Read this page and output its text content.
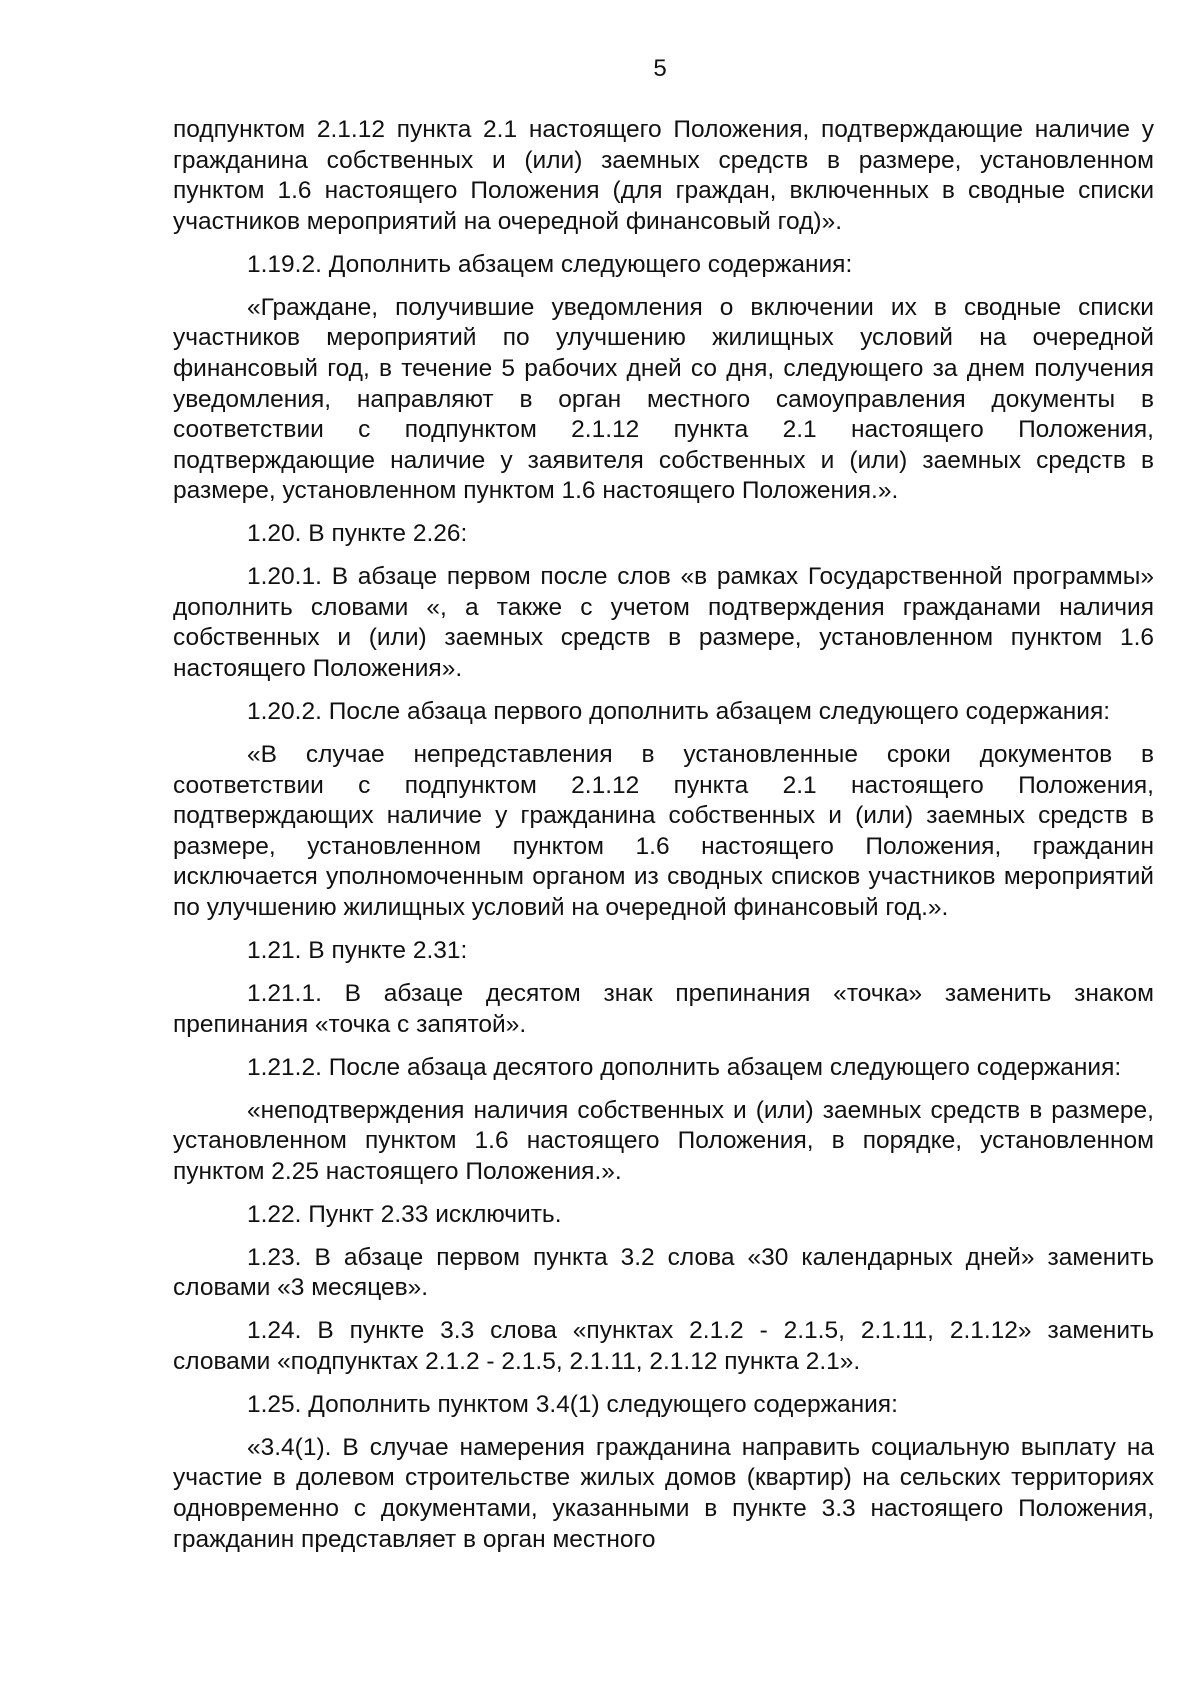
5

подпунктом 2.1.12 пункта 2.1 настоящего Положения, подтверждающие наличие у гражданина собственных и (или) заемных средств в размере, установленном пунктом 1.6 настоящего Положения (для граждан, включенных в сводные списки участников мероприятий на очередной финансовый год)».

1.19.2. Дополнить абзацем следующего содержания:

«Граждане, получившие уведомления о включении их в сводные списки участников мероприятий по улучшению жилищных условий на очередной финансовый год, в течение 5 рабочих дней со дня, следующего за днем получения уведомления, направляют в орган местного самоуправления документы в соответствии с подпунктом 2.1.12 пункта 2.1 настоящего Положения, подтверждающие наличие у заявителя собственных и (или) заемных средств в размере, установленном пунктом 1.6 настоящего Положения.».

1.20. В пункте 2.26:

1.20.1. В абзаце первом после слов «в рамках Государственной программы» дополнить словами «, а также с учетом подтверждения гражданами наличия собственных и (или) заемных средств в размере, установленном пунктом 1.6 настоящего Положения».

1.20.2. После абзаца первого дополнить абзацем следующего содержания:

«В случае непредставления в установленные сроки документов в соответствии с подпунктом 2.1.12 пункта 2.1 настоящего Положения, подтверждающих наличие у гражданина собственных и (или) заемных средств в размере, установленном пунктом 1.6 настоящего Положения, гражданин исключается уполномоченным органом из сводных списков участников мероприятий по улучшению жилищных условий на очередной финансовый год.».

1.21. В пункте 2.31:

1.21.1. В абзаце десятом знак препинания «точка» заменить знаком препинания «точка с запятой».

1.21.2. После абзаца десятого дополнить абзацем следующего содержания:

«неподтверждения наличия собственных и (или) заемных средств в размере, установленном пунктом 1.6 настоящего Положения, в порядке, установленном пунктом 2.25 настоящего Положения.».

1.22. Пункт 2.33 исключить.

1.23. В абзаце первом пункта 3.2 слова «30 календарных дней» заменить словами «3 месяцев».

1.24. В пункте 3.3 слова «пунктах 2.1.2 - 2.1.5, 2.1.11, 2.1.12» заменить словами «подпунктах 2.1.2 - 2.1.5, 2.1.11, 2.1.12 пункта 2.1».

1.25. Дополнить пунктом 3.4(1) следующего содержания:

«3.4(1). В случае намерения гражданина направить социальную выплату на участие в долевом строительстве жилых домов (квартир) на сельских территориях одновременно с документами, указанными в пункте 3.3 настоящего Положения, гражданин представляет в орган местного
